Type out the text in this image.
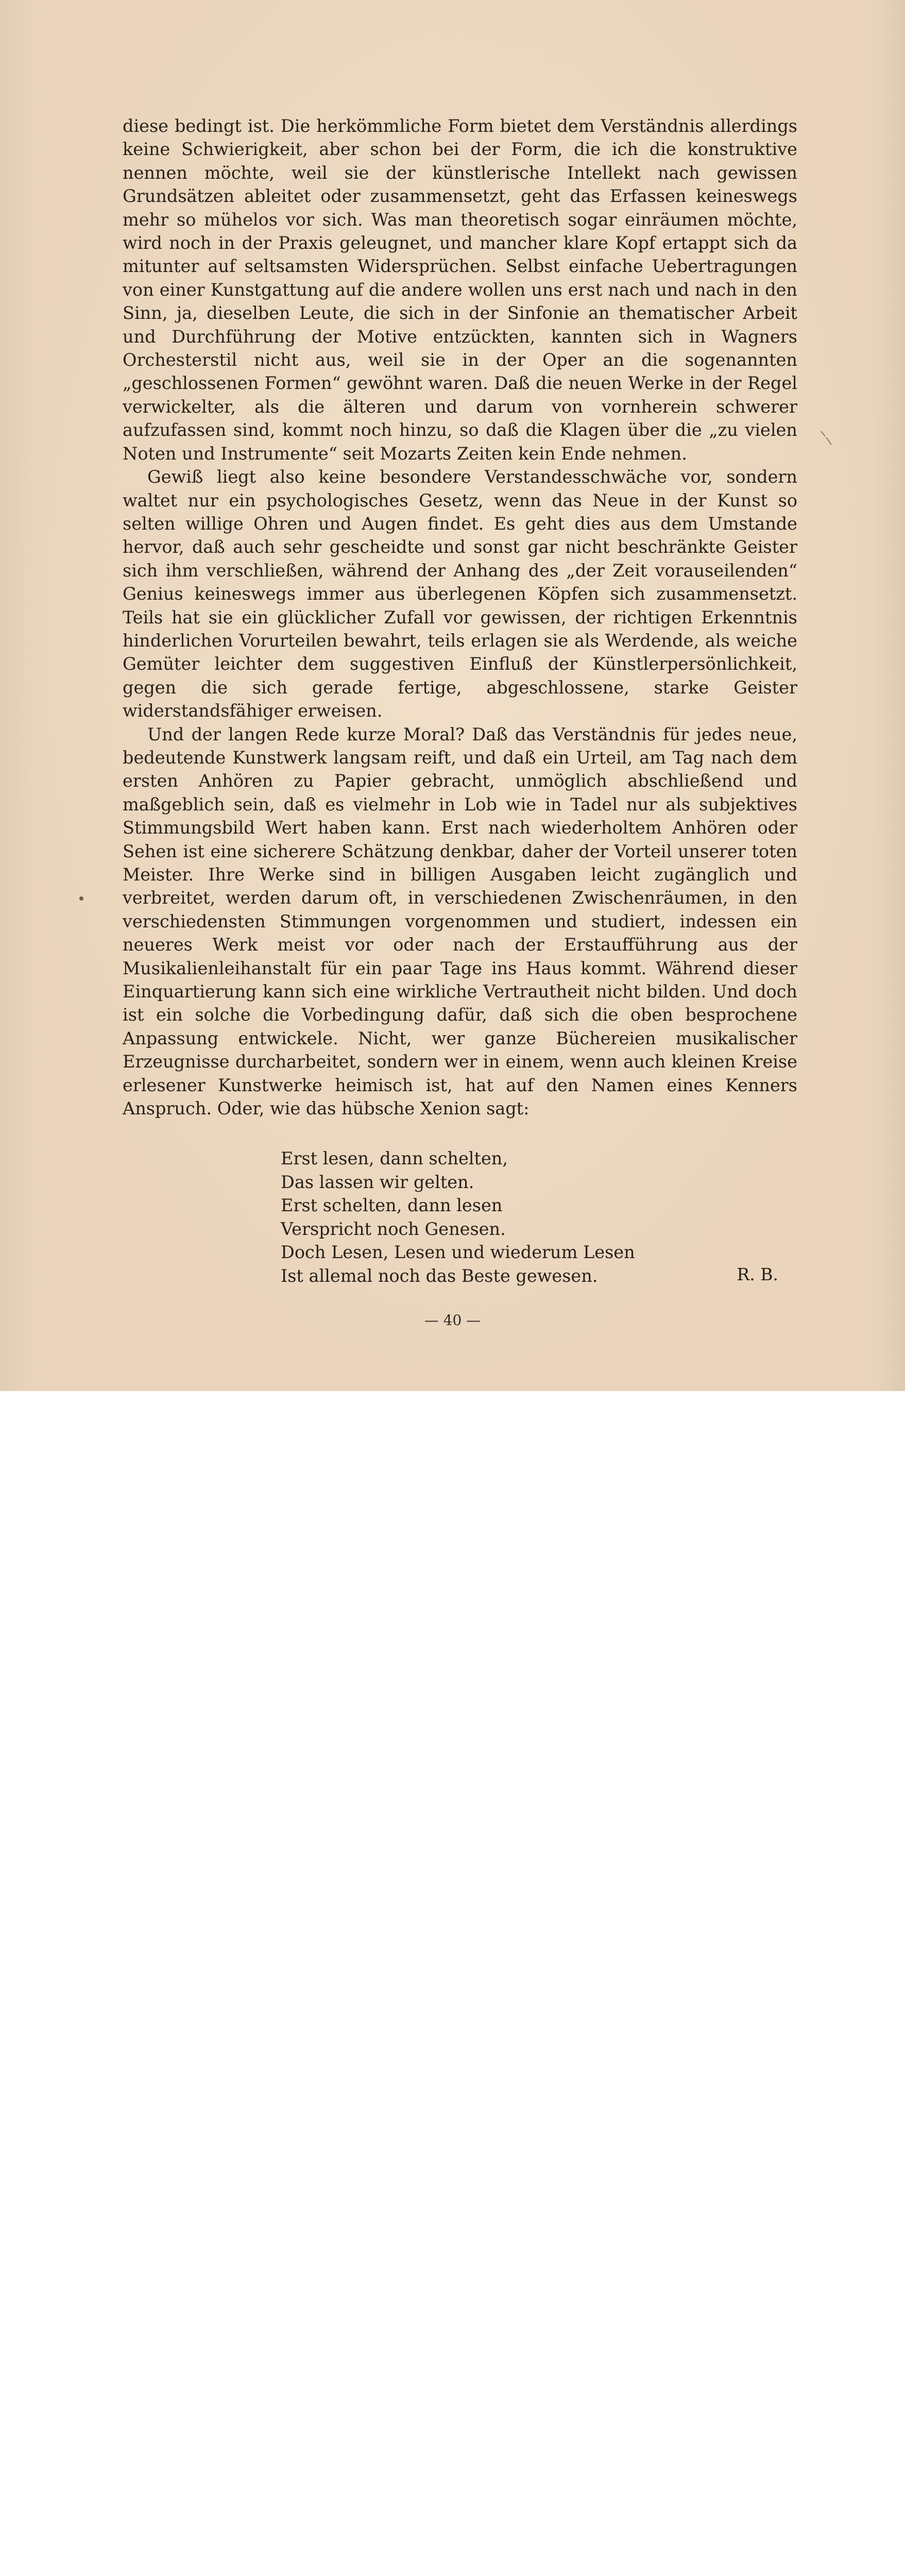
diese bedingt ist. Die herkömmliche Form bietet dem Verständnis allerdings keine Schwierigkeit, aber schon bei der Form, die ich die konstruktive nennen möchte, weil sie der künstlerische Intellekt nach gewissen Grundsätzen ableitet oder zusammensetzt, geht das Erfassen keineswegs mehr so mühelos vor sich. Was man theoretisch sogar einräumen möchte, wird noch in der Praxis geleugnet, und mancher klare Kopf ertappt sich da mitunter auf seltsamsten Widersprüchen. Selbst einfache Uebertragungen von einer Kunstgattung auf die andere wollen uns erst nach und nach in den Sinn, ja, dieselben Leute, die sich in der Sinfonie an thematischer Arbeit und Durchführung der Motive entzückten, kannten sich in Wagners Orchesterstil nicht aus, weil sie in der Oper an die sogenannten „geschlossenen Formen“ gewöhnt waren. Daß die neuen Werke in der Regel verwickelter, als die älteren und darum von vornherein schwerer aufzufassen sind, kommt noch hinzu, so daß die Klagen über die „zu vielen Noten und Instrumente“ seit Mozarts Zeiten kein Ende nehmen.

Gewiß liegt also keine besondere Verstandesschwäche vor, sondern waltet nur ein psychologisches Gesetz, wenn das Neue in der Kunst so selten willige Ohren und Augen findet. Es geht dies aus dem Umstande hervor, daß auch sehr gescheidte und sonst gar nicht beschränkte Geister sich ihm verschließen, während der Anhang des „der Zeit vorauseilenden“ Genius keineswegs immer aus überlegenen Köpfen sich zusammensetzt. Teils hat sie ein glücklicher Zufall vor gewissen, der richtigen Erkenntnis hinderlichen Vorurteilen bewahrt, teils erlagen sie als Werdende, als weiche Gemüter leichter dem suggestiven Einfluß der Künstlerpersönlichkeit, gegen die sich gerade fertige, abgeschlossene, starke Geister widerstandsfähiger erweisen.

Und der langen Rede kurze Moral? Daß das Verständnis für jedes neue, bedeutende Kunstwerk langsam reift, und daß ein Urteil, am Tag nach dem ersten Anhören zu Papier gebracht, unmöglich abschließend und maßgeblich sein, daß es vielmehr in Lob wie in Tadel nur als subjektives Stimmungsbild Wert haben kann. Erst nach wiederholtem Anhören oder Sehen ist eine sicherere Schätzung denkbar, daher der Vorteil unserer toten Meister. Ihre Werke sind in billigen Ausgaben leicht zugänglich und verbreitet, werden darum oft, in verschiedenen Zwischenräumen, in den verschiedensten Stimmungen vorgenommen und studiert, indessen ein neueres Werk meist vor oder nach der Erstaufführung aus der Musikalienleihanstalt für ein paar Tage ins Haus kommt. Während dieser Einquartierung kann sich eine wirkliche Vertrautheit nicht bilden. Und doch ist ein solche die Vorbedingung dafür, daß sich die oben besprochene Anpassung entwickele. Nicht, wer ganze Büchereien musikalischer Erzeugnisse durcharbeitet, sondern wer in einem, wenn auch kleinen Kreise erlesener Kunstwerke heimisch ist, hat auf den Namen eines Kenners Anspruch. Oder, wie das hübsche Xenion sagt:

Erst lesen, dann schelten,
Das lassen wir gelten.
Erst schelten, dann lesen
Verspricht noch Genesen.
Doch Lesen, Lesen und wiederum Lesen
Ist allemal noch das Beste gewesen.	R. B.
— 40 —
